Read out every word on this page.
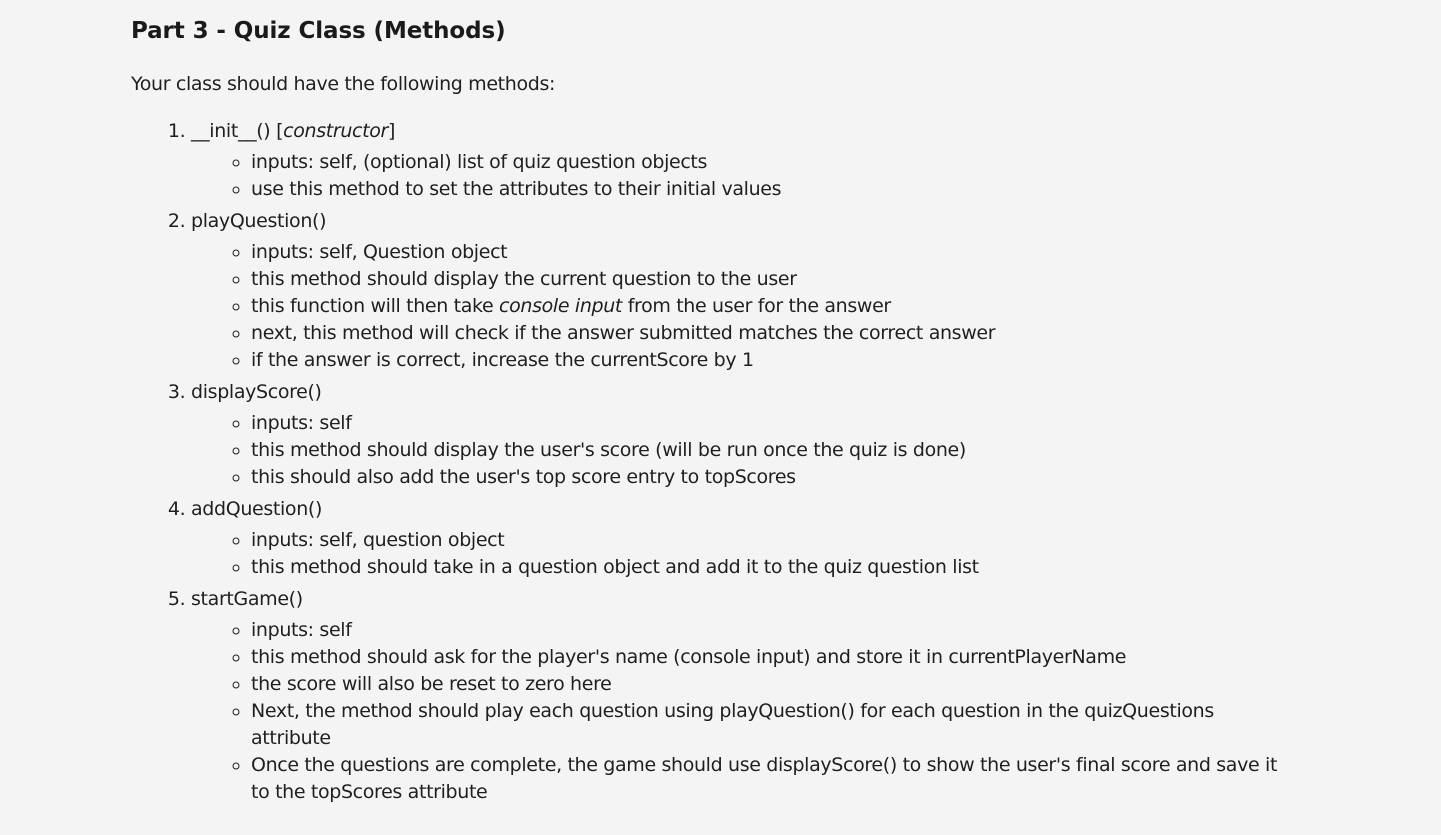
Part 3 - Quiz Class (Methods)

Your class should have the following methods:

1. __init__() [constructor]
◦ inputs: self, (optional) list of quiz question objects
◦ use this method to set the attributes to their initial values
2. playQuestion()
◦ inputs: self, Question object
◦ this method should display the current question to the user
◦ this function will then take console input from the user for the answer
◦ next, this method will check if the answer submitted matches the correct answer
◦ if the answer is correct, increase the currentScore by 1
3. displayScore()
◦ inputs: self
◦ this method should display the user's score (will be run once the quiz is done)
◦ this should also add the user's top score entry to topScores
4. addQuestion()
◦ inputs: self, question object
◦ this method should take in a question object and add it to the quiz question list
5. startGame()
◦ inputs: self
◦ this method should ask for the player's name (console input) and store it in currentPlayerName
◦ the score will also be reset to zero here
◦ Next, the method should play each question using playQuestion() for each question in the quizQuestions attribute
◦ Once the questions are complete, the game should use displayScore() to show the user's final score and save it to the topScores attribute
